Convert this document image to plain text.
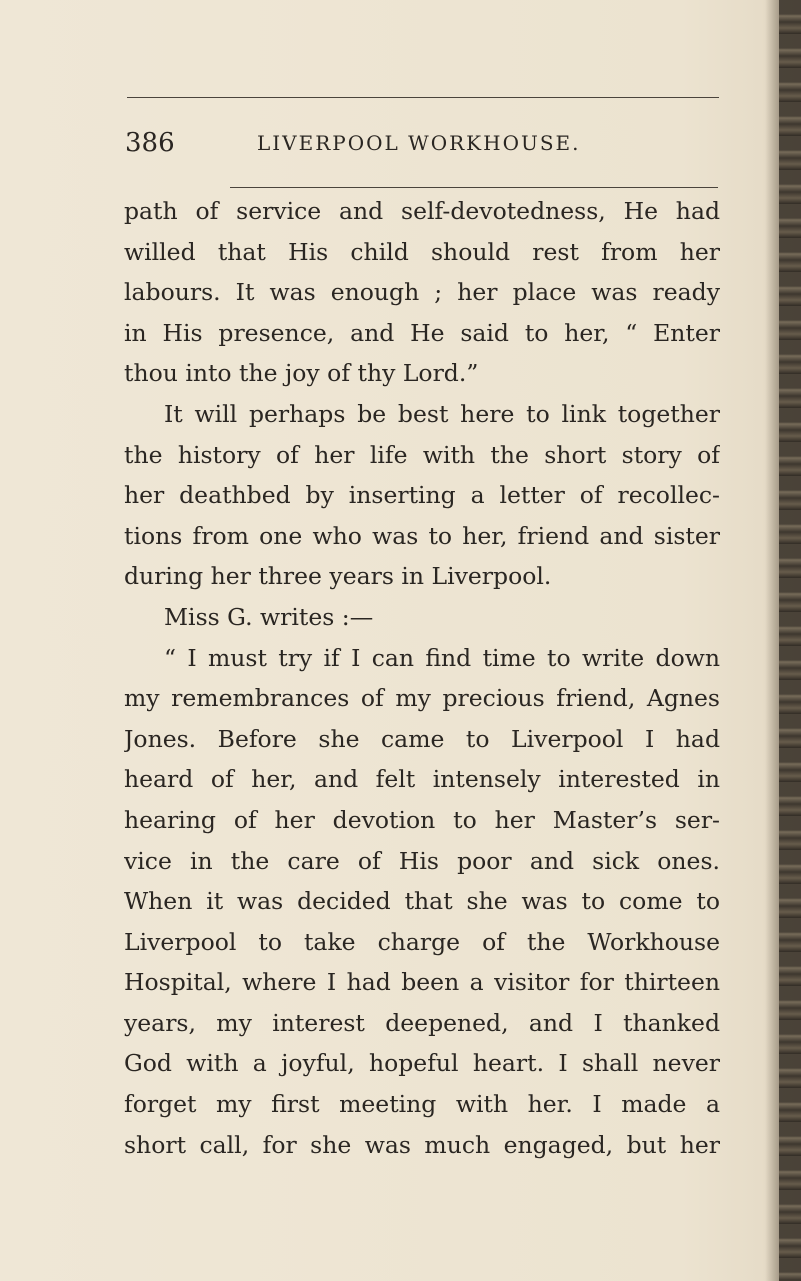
386	LIVERPOOL WORKHOUSE.
path of service and self-devotedness, He had
willed that His child should rest from her
labours. It was enough ; her place was ready
in His presence, and He said to her, “ Enter
thou into the joy of thy Lord.”
It will perhaps be best here to link together
the history of her life with the short story of
her deathbed by inserting a letter of recollec-
tions from one who was to her, friend and sister
during her three years in Liverpool.
Miss G. writes :—
“ I must try if I can find time to write down
my remembrances of my precious friend, Agnes
Jones. Before she came to Liverpool I had
heard of her, and felt intensely interested in
hearing of her devotion to her Master’s ser-
vice in the care of His poor and sick ones.
When it was decided that she was to come to
Liverpool to take charge of the Workhouse
Hospital, where I had been a visitor for thirteen
years, my interest deepened, and I thanked
God with a joyful, hopeful heart. I shall never
forget my first meeting with her. I made a
short call, for she was much engaged, but her
